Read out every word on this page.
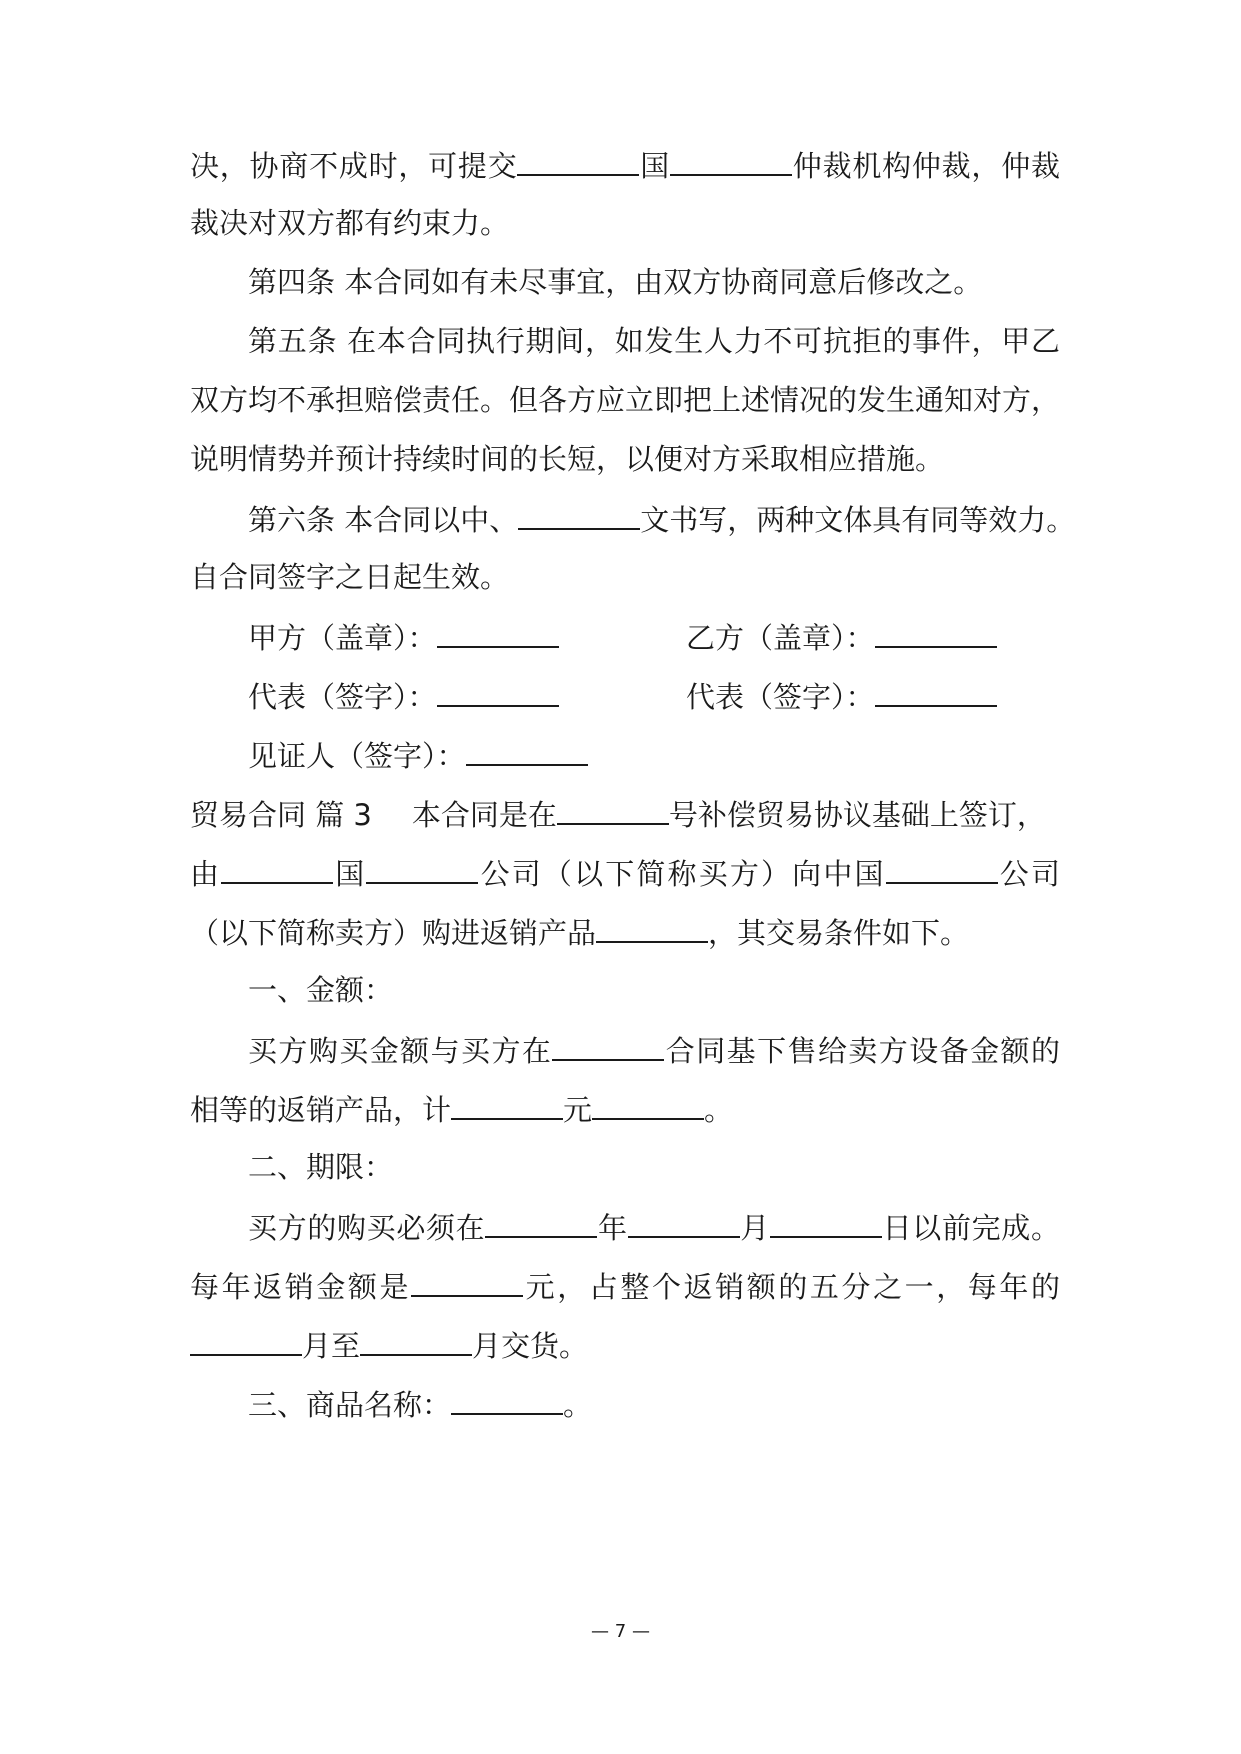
决，协商不成时，可提交	国	仲裁机构仲裁，仲裁
裁决对双方都有约束力。
第四条 本合同如有未尽事宜，由双方协商同意后修改之。
第五条 在本合同执行期间，如发生人力不可抗拒的事件，甲乙
双方均不承担赔偿责任。但各方应立即把上述情况的发生通知对方，
说明情势并预计持续时间的长短，以便对方采取相应措施。
第六条 本合同以中、	文书写，两种文体具有同等效力。
自合同签字之日起生效。
甲方（盖章）：	乙方（盖章）：
代表（签字）：	代表（签字）：
见证人（签字）：
贸易合同 篇 3 本合同是在	号补偿贸易协议基础上签订，
由	国	公司（以下简称买方）向中国	公司
（以下简称卖方）购进返销产品	，其交易条件如下。
一、金额：
买方购买金额与买方在	合同基下售给卖方设备金额的
相等的返销产品，计	元	。
二、期限：
买方的购买必须在	年	月	日以前完成。
每年返销金额是	元，占整个返销额的五分之一，每年的
月至	月交货。
三、商品名称：	。
— 7 —
